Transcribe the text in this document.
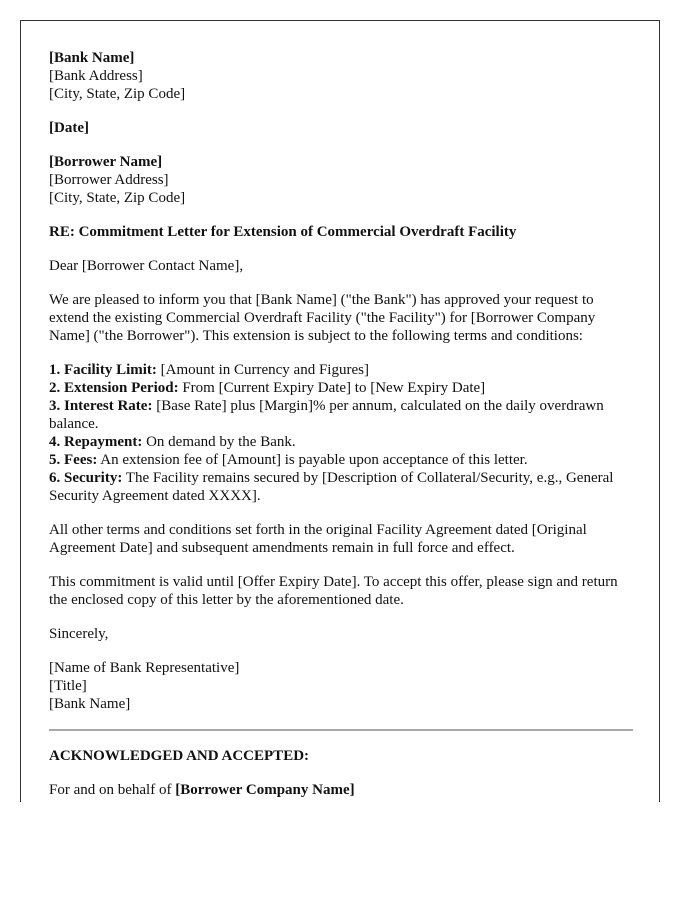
[Bank Name]
[Bank Address]
[City, State, Zip Code]
[Date]
[Borrower Name]
[Borrower Address]
[City, State, Zip Code]
RE: Commitment Letter for Extension of Commercial Overdraft Facility
Dear [Borrower Contact Name],
We are pleased to inform you that [Bank Name] ("the Bank") has approved your request to extend the existing Commercial Overdraft Facility ("the Facility") for [Borrower Company Name] ("the Borrower"). This extension is subject to the following terms and conditions:
1. Facility Limit: [Amount in Currency and Figures]
2. Extension Period: From [Current Expiry Date] to [New Expiry Date]
3. Interest Rate: [Base Rate] plus [Margin]% per annum, calculated on the daily overdrawn balance.
4. Repayment: On demand by the Bank.
5. Fees: An extension fee of [Amount] is payable upon acceptance of this letter.
6. Security: The Facility remains secured by [Description of Collateral/Security, e.g., General Security Agreement dated XXXX].
All other terms and conditions set forth in the original Facility Agreement dated [Original Agreement Date] and subsequent amendments remain in full force and effect.
This commitment is valid until [Offer Expiry Date]. To accept this offer, please sign and return the enclosed copy of this letter by the aforementioned date.
Sincerely,
[Name of Bank Representative]
[Title]
[Bank Name]
ACKNOWLEDGED AND ACCEPTED:
For and on behalf of [Borrower Company Name]
